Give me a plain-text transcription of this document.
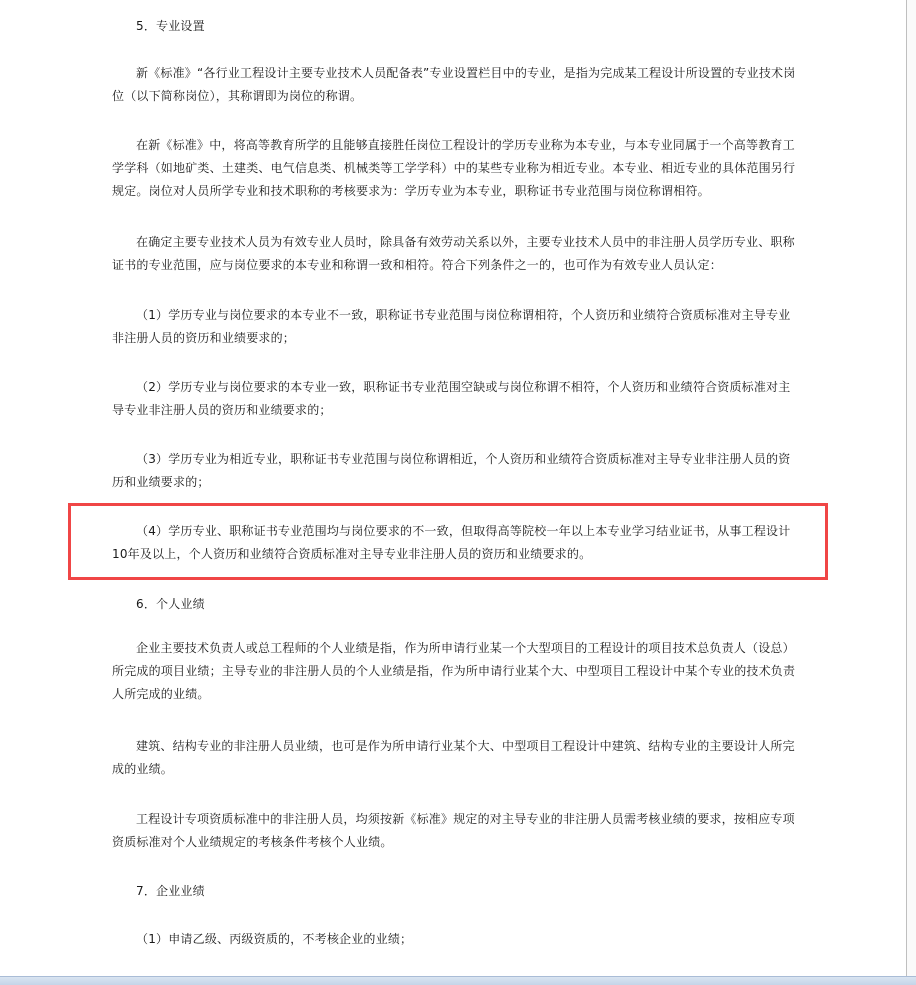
5．专业设置

新《标准》“各行业工程设计主要专业技术人员配备表”专业设置栏目中的专业，是指为完成某工程设计所设置的专业技术岗位（以下简称岗位），其称谓即为岗位的称谓。

在新《标准》中，将高等教育所学的且能够直接胜任岗位工程设计的学历专业称为本专业，与本专业同属于一个高等教育工学学科（如地矿类、土建类、电气信息类、机械类等工学学科）中的某些专业称为相近专业。本专业、相近专业的具体范围另行规定。岗位对人员所学专业和技术职称的考核要求为：学历专业为本专业，职称证书专业范围与岗位称谓相符。

在确定主要专业技术人员为有效专业人员时，除具备有效劳动关系以外，主要专业技术人员中的非注册人员学历专业、职称证书的专业范围，应与岗位要求的本专业和称谓一致和相符。符合下列条件之一的，也可作为有效专业人员认定：

（1）学历专业与岗位要求的本专业不一致，职称证书专业范围与岗位称谓相符，个人资历和业绩符合资质标准对主导专业非注册人员的资历和业绩要求的；

（2）学历专业与岗位要求的本专业一致，职称证书专业范围空缺或与岗位称谓不相符，个人资历和业绩符合资质标准对主导专业非注册人员的资历和业绩要求的；

（3）学历专业为相近专业，职称证书专业范围与岗位称谓相近，个人资历和业绩符合资质标准对主导专业非注册人员的资历和业绩要求的；

（4）学历专业、职称证书专业范围均与岗位要求的不一致，但取得高等院校一年以上本专业学习结业证书，从事工程设计10年及以上，个人资历和业绩符合资质标准对主导专业非注册人员的资历和业绩要求的。

6．个人业绩

企业主要技术负责人或总工程师的个人业绩是指，作为所申请行业某一个大型项目的工程设计的项目技术总负责人（设总）所完成的项目业绩；主导专业的非注册人员的个人业绩是指，作为所申请行业某个大、中型项目工程设计中某个专业的技术负责人所完成的业绩。

建筑、结构专业的非注册人员业绩，也可是作为所申请行业某个大、中型项目工程设计中建筑、结构专业的主要设计人所完成的业绩。

工程设计专项资质标准中的非注册人员，均须按新《标准》规定的对主导专业的非注册人员需考核业绩的要求，按相应专项资质标准对个人业绩规定的考核条件考核个人业绩。

7．企业业绩

（1）申请乙级、丙级资质的，不考核企业的业绩；
